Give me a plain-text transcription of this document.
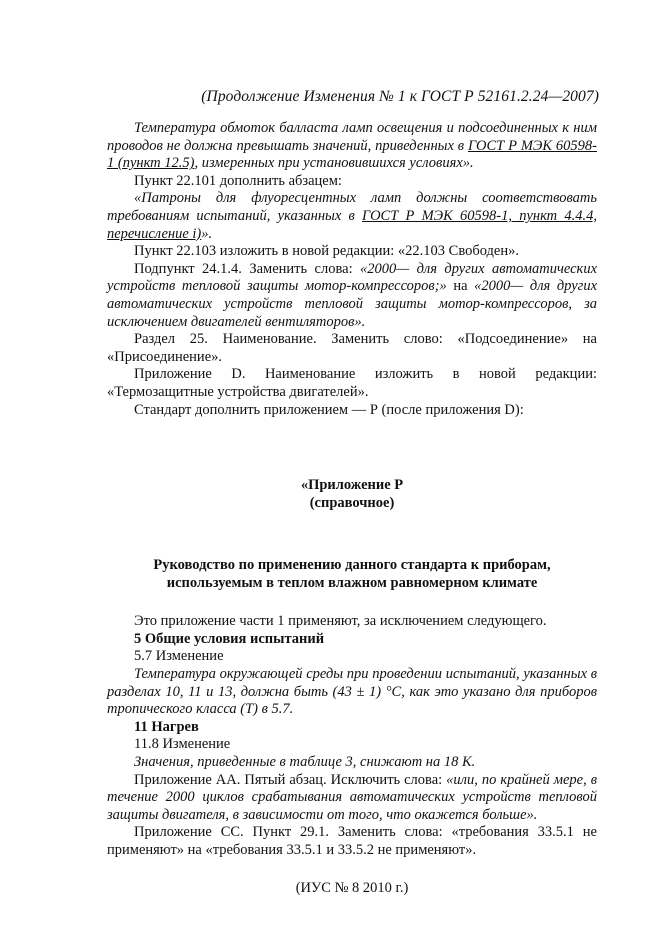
(Продолжение Изменения № 1 к ГОСТ Р 52161.2.24—2007)

Температура обмоток балласта ламп освещения и подсоединенных к ним проводов не должна превышать значений, приведенных в ГОСТ Р МЭК 60598-1 (пункт 12.5), измеренных при установившихся условиях».

Пункт 22.101 дополнить абзацем:

«Патроны для флуоресцентных ламп должны соответствовать требованиям испытаний, указанных в ГОСТ Р МЭК 60598-1, пункт 4.4.4, перечисление i)».

Пункт 22.103 изложить в новой редакции: «22.103 Свободен».

Подпункт 24.1.4. Заменить слова: «2000— для других автоматических устройств тепловой защиты мотор-компрессоров;» на «2000— для других автоматических устройств тепловой защиты мотор-компрессоров, за исключением двигателей вентиляторов».

Раздел 25. Наименование. Заменить слово: «Подсоединение» на «Присоединение».

Приложение D. Наименование изложить в новой редакции: «Термозащитные устройства двигателей».

Стандарт дополнить приложением — Р (после приложения D):

«Приложение Р

(справочное)

Руководство по применению данного стандарта к приборам,
используемым в теплом влажном равномерном климате

Это приложение части 1 применяют, за исключением следующего.

5 Общие условия испытаний

5.7 Изменение

Температура окружающей среды при проведении испытаний, указанных в разделах 10, 11 и 13, должна быть (43 ± 1) °С, как это указано для приборов тропического класса (Т) в 5.7.

11 Нагрев

11.8 Изменение

Значения, приведенные в таблице 3, снижают на 18 К.

Приложение АА. Пятый абзац. Исключить слова: «или, по крайней мере, в течение 2000 циклов срабатывания автоматических устройств тепловой защиты двигателя, в зависимости от того, что окажется больше».

Приложение СС. Пункт 29.1. Заменить слова: «требования 33.5.1 не применяют» на «требования 33.5.1 и 33.5.2 не применяют».

(ИУС № 8 2010 г.)
